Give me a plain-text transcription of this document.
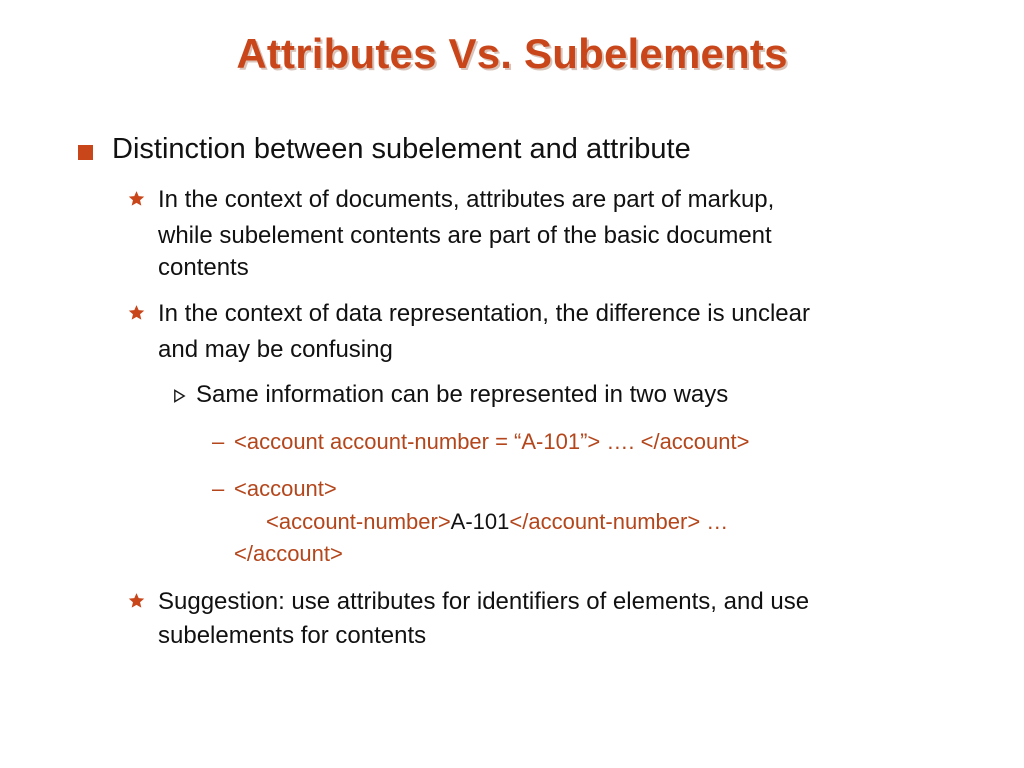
Attributes Vs. Subelements
Distinction between subelement and attribute
In the context of documents, attributes are part of markup,
while subelement contents are part of the basic document
contents
In the context of data representation, the difference is unclear
and may be confusing
Same information can be represented in two ways
– <account account-number = “A-101”> …. </account>
– <account>
<account-number>A-101</account-number> …
</account>
Suggestion: use attributes for identifiers of elements, and use
subelements for contents
